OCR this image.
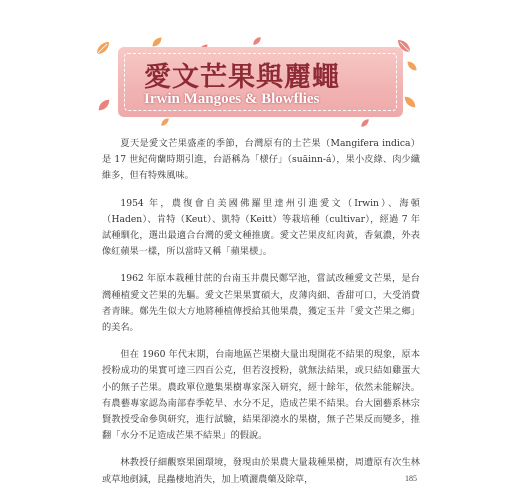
愛文芒果與麗蠅
Irwin Mangoes & Blowflies

夏天是愛文芒果盛產的季節，台灣原有的土芒果（Mangifera indica）是 17 世紀荷蘭時期引進，台語稱為「檨仔」（suāinn-á），果小皮綠、肉少纖維多，但有特殊風味。

1954 年，農復會自美國佛羅里達州引進愛文（Irwin）、海頓（Haden）、肯特（Keut）、凱特（Keitt）等栽培種（cultivar），經過 7 年試種馴化，選出最適合台灣的愛文種推廣。愛文芒果皮紅肉黃，香氣濃，外表像紅蘋果一樣，所以當時又稱「蘋果檨」。

1962 年原本栽種甘蔗的台南玉井農民鄭罕池，嘗試改種愛文芒果，是台灣種植愛文芒果的先驅。愛文芒果果實碩大，皮薄肉細、香甜可口，大受消費者青睞。鄭先生似大方地將種植傳授給其他果農，獲定玉井「愛文芒果之鄉」的美名。

但在 1960 年代末期，台南地區芒果樹大量出現開花不結果的現象，原本授粉成功的果實可達三四百公克，但若沒授粉，就無法結果，或只結如雞蛋大小的無子芒果。農政單位邀集果樹專家深入研究，經十餘年，依然未能解決。有農藝專家認為南部春季乾旱、水分不足，造成芒果不結果。台大園藝系林宗賢教授受命參與研究，進行試驗，結果卻澆水的果樹，無子芒果反而變多，推翻「水分不足造成芒果不結果」的假說。

林教授仔細觀察果園環境，發現由於果農大量栽種果樹，周遭原有次生林或草地剷減，昆蟲棲地消失，加上噴灑農藥及除草，	185
